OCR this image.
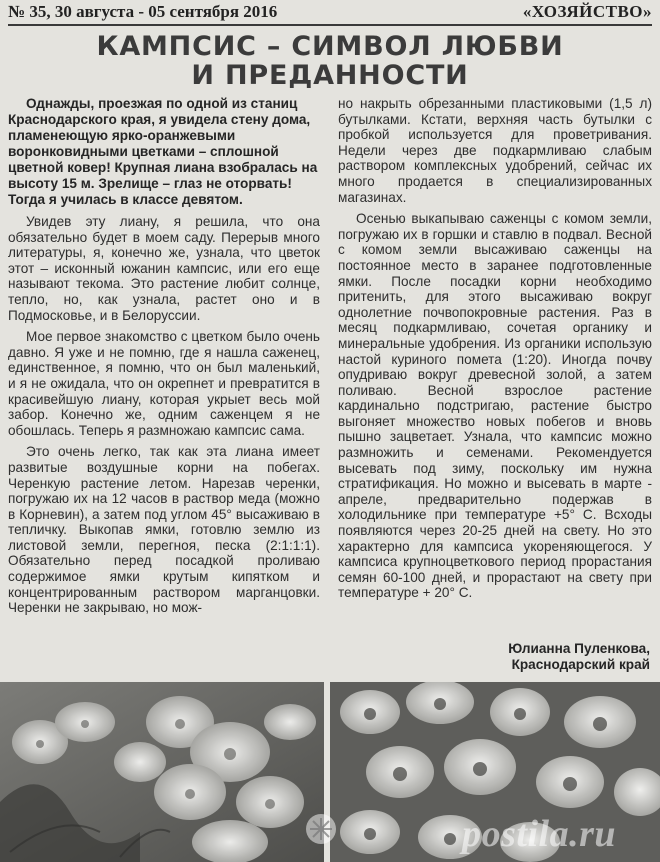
№ 35, 30 августа - 05 сентября 2016	«ХОЗЯЙСТВО»
КАМПСИС – СИМВОЛ ЛЮБВИ
И ПРЕДАННОСТИ

Однажды, проезжая по одной из станиц Краснодарского края, я увидела стену дома, пламенеющую ярко-оранжевыми воронковидными цветками – сплошной цветной ковер! Крупная лиана взобралась на высоту 15 м. Зрелище – глаз не оторвать! Тогда я училась в классе девятом.

Увидев эту лиану, я решила, что она обязательно будет в моем саду. Перерыв много литературы, я, конечно же, узнала, что цветок этот – исконный южанин кампсис, или его еще называют текома. Это растение любит солнце, тепло, но, как узнала, растет оно и в Подмосковье, и в Белоруссии.

Мое первое знакомство с цветком было очень давно. Я уже и не помню, где я нашла саженец, единственное, я помню, что он был маленький, и я не ожидала, что он окрепнет и превратится в красивейшую лиану, которая укрыет весь мой забор. Конечно же, одним саженцем я не обошлась. Теперь я размножаю кампсис сама.

Это очень легко, так как эта лиана имеет развитые воздушные корни на побегах. Черенкую растение летом. Нарезав черенки, погружаю их на 12 часов в раствор меда (можно в Корневин), а затем под углом 45° высаживаю в тепличку. Выкопав ямки, готовлю землю из листовой земли, перегноя, песка (2:1:1:1). Обязательно перед посадкой проливаю содержимое ямки крутым кипятком и концентрированным раствором марганцовки. Черенки не закрываю, но мож-

но накрыть обрезанными пластиковыми (1,5 л) бутылками. Кстати, верхняя часть бутылки с пробкой используется для проветривания. Недели через две подкармливаю слабым раствором комплексных удобрений, сейчас их много продается в специализированных магазинах.

Осенью выкапываю саженцы с комом земли, погружаю их в горшки и ставлю в подвал. Весной с комом земли высаживаю саженцы на постоянное место в заранее подготовленные ямки. После посадки корни необходимо притенить, для этого высаживаю вокруг однолетние почвопокровные растения. Раз в месяц подкармливаю, сочетая органику и минеральные удобрения. Из органики использую настой куриного помета (1:20). Иногда почву опудриваю вокруг древесной золой, а затем поливаю. Весной взрослое растение кардинально подстригаю, растение быстро выгоняет множество новых побегов и вновь пышно зацветает. Узнала, что кампсис можно размножить и семенами. Рекомендуется высевать под зиму, поскольку им нужна стратификация. Но можно и высевать в марте - апреле, предварительно подержав в холодильнике при температуре +5° С. Всходы появляются через 20-25 дней на свету. Но это характерно для кампсиса укореняющегося. У кампсиса крупноцветкового период прорастания семян 60-100 дней, и прорастают на свету при температуре + 20° С.

Юлианна Пуленкова,
Краснодарский край
postila.ru
